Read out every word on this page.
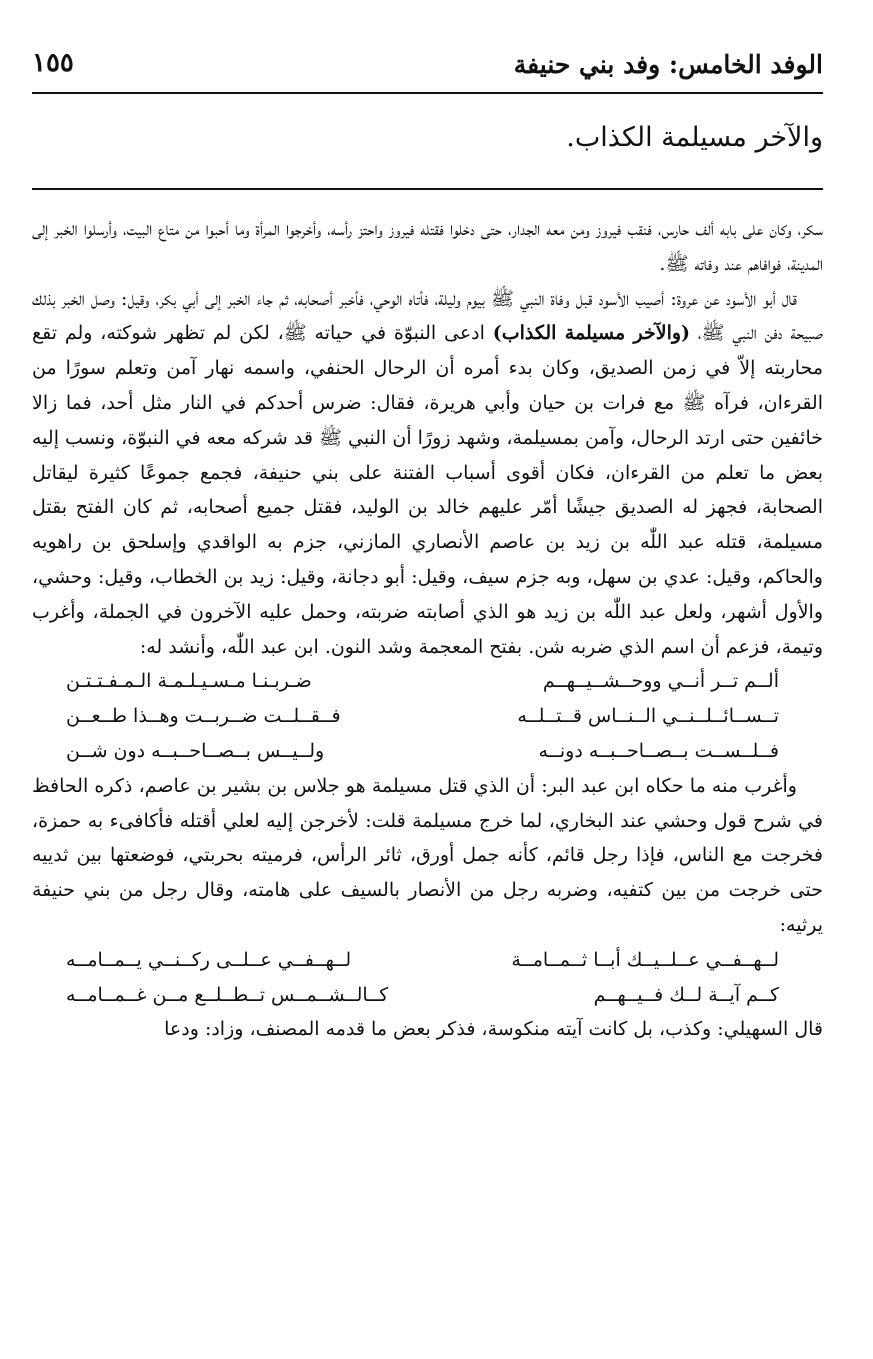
الوفد الخامس: وفد بني حنيفة
١٥٥
والآخر مسيلمة الكذاب.

سكر، وكان على بابه ألف حارس، فنقب فيروز ومن معه الجدار، حتى دخلوا فقتله فيروز واحتز رأسه، وأخرجوا المرأة وما أحبوا من متاع البيت، وأرسلوا الخبر إلى المدينة، فوافاهم عند وفاته ﷺ.

قال أبو الأسود عن عروة: أصيب الأسود قبل وفاة النبي ﷺ بيوم وليلة، فأتاه الوحي، فأخبر أصحابه، ثم جاء الخبر إلى أبي بكر، وقيل: وصل الخبر بذلك صبيحة دفن النبي ﷺ، (والآخر مسيلمة الكذاب) ادعى النبوّة في حياته ﷺ، لكن لم تظهر شوكته، ولم تقع محاربته إلاّ في زمن الصديق، وكان بدء أمره أن الرحال الحنفي، واسمه نهار آمن وتعلم سورًا من القرءان، فرآه ﷺ مع فرات بن حيان وأبي هريرة، فقال: ضرس أحدكم في النار مثل أحد، فما زالا خائفين حتى ارتد الرحال، وآمن بمسيلمة، وشهد زورًا أن النبي ﷺ قد شركه معه في النبوّة، ونسب إليه بعض ما تعلم من القرءان، فكان أقوى أسباب الفتنة على بني حنيفة، فجمع جموعًا كثيرة ليقاتل الصحابة، فجهز له الصديق جيشًا أمّر عليهم خالد بن الوليد، فقتل جميع أصحابه، ثم كان الفتح بقتل مسيلمة، قتله عبد اللّٰه بن زيد بن عاصم الأنصاري المازني، جزم به الواقدي وإسلحق بن راهويه والحاكم، وقيل: عدي بن سهل، وبه جزم سيف، وقيل: أبو دجانة، وقيل: زيد بن الخطاب، وقيل: وحشي، والأول أشهر، ولعل عبد اللّٰه بن زيد هو الذي أصابته ضربته، وحمل عليه الآخرون في الجملة، وأغرب وتيمة، فزعم أن اسم الذي ضربه شن. بفتح المعجمة وشد النون. ابن عبد اللّٰه، وأنشد له:

ألــم تــر أنــي ووحــشــيــهــم
ضـربـنـا مـسـيـلـمـة الـمـفـتـتـن
تــســائــلــنــي الــنــاس قــتــلــه
فــقــلــت ضــربــت وهــذا طــعــن
فــلــســت بــصــاحــبــه دونــه
ولــيــس بــصــاحــبــه دون شــن

وأغرب منه ما حكاه ابن عبد البر: أن الذي قتل مسيلمة هو جلاس بن بشير بن عاصم، ذكره الحافظ في شرح قول وحشي عند البخاري، لما خرج مسيلمة قلت: لأخرجن إليه لعلي أقتله فأكافىء به حمزة، فخرجت مع الناس، فإذا رجل قائم، كأنه جمل أورق، ثائر الرأس، فرميته بحربتي، فوضعتها بين ثدييه حتى خرجت من بين كتفيه، وضربه رجل من الأنصار بالسيف على هامته، وقال رجل من بني حنيفة يرثيه:

لــهــفــي عــلــيــك أبــا ثــمــامــة
لــهــفــي عــلــى ركــنــي يــمــامــه
كــم آيــة لــك فــيــهــم
كــالــشــمــس تــطــلــع مــن غــمــامــه

قال السهيلي: وكذب، بل كانت آيته منكوسة، فذكر بعض ما قدمه المصنف، وزاد: ودعا
